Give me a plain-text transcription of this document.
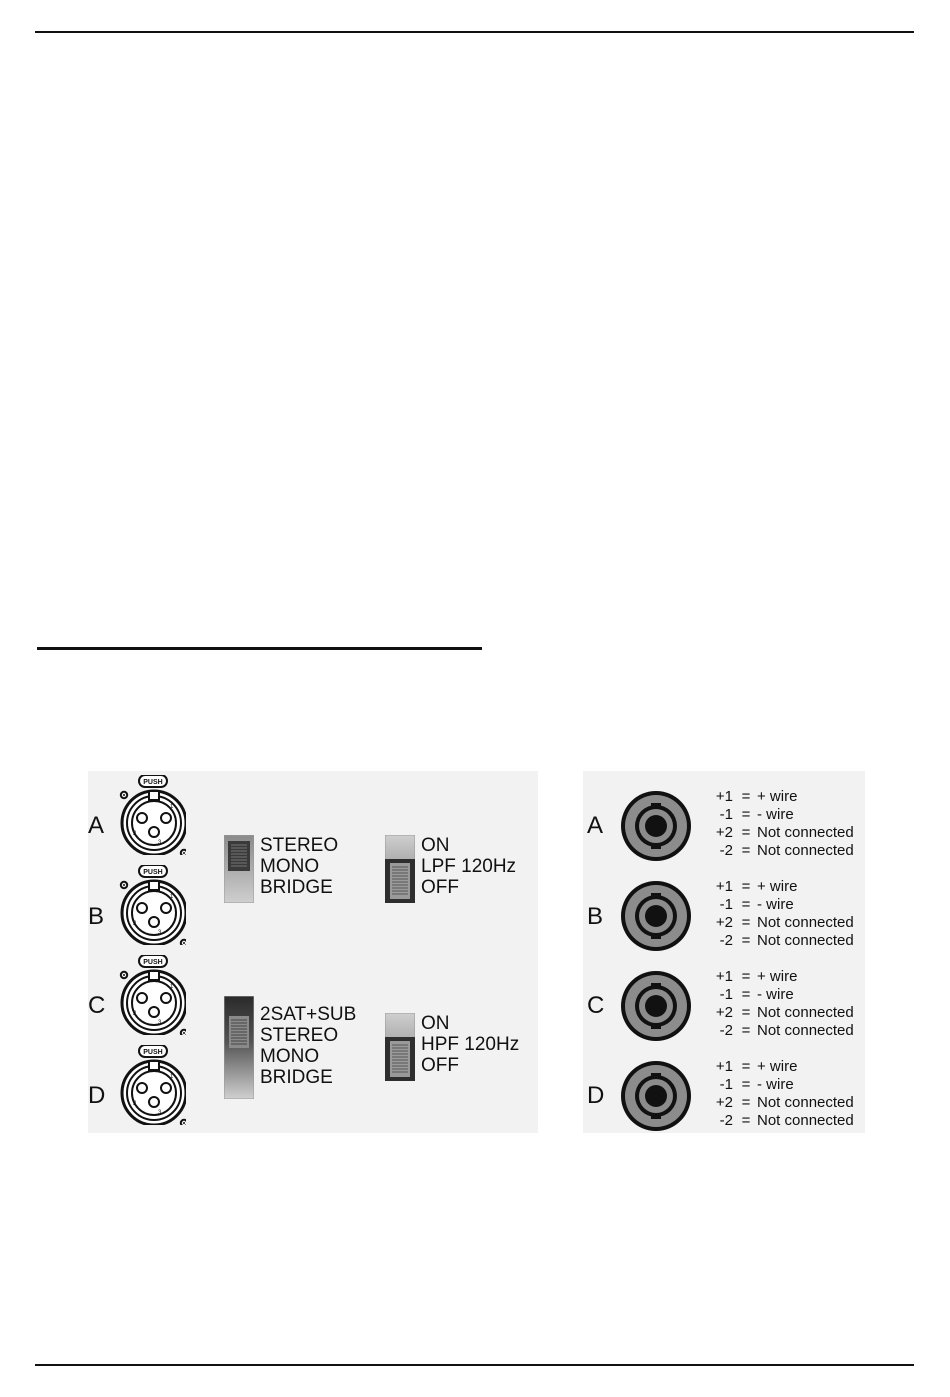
A
B
C
D
PUSH
1
2
3
PUSH
1
2
3
PUSH
1
2
3
PUSH
1
2
3
STEREO
MONO
BRIDGE
ON
LPF 120Hz
OFF
2SAT+SUB
STEREO
MONO
BRIDGE
ON
HPF 120Hz
OFF
A
B
C
D
+1 = + wire
-1 = - wire
+2 = Not connected
-2 = Not connected
+1 = + wire
-1 = - wire
+2 = Not connected
-2 = Not connected
+1 = + wire
-1 = - wire
+2 = Not connected
-2 = Not connected
+1 = + wire
-1 = - wire
+2 = Not connected
-2 = Not connected
